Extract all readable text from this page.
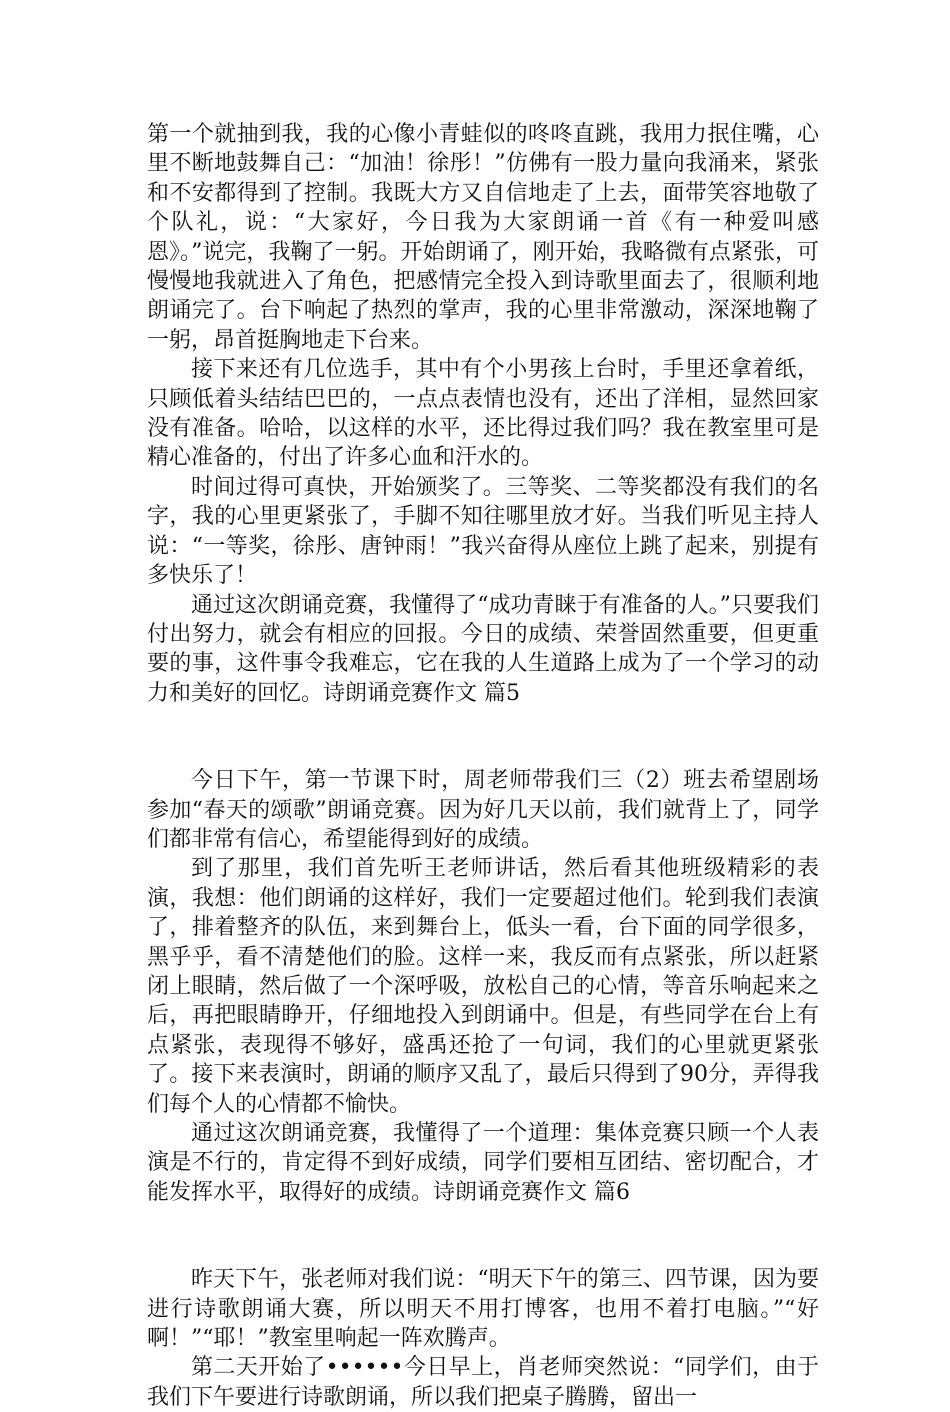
第一个就抽到我，我的心像小青蛙似的咚咚直跳，我用力抿住嘴，心里不断地鼓舞自己：“加油！徐彤！”仿佛有一股力量向我涌来，紧张和不安都得到了控制。我既大方又自信地走了上去，面带笑容地敬了个队礼，说：“大家好，今日我为大家朗诵一首《有一种爱叫感恩》。”说完，我鞠了一躬。开始朗诵了，刚开始，我略微有点紧张，可慢慢地我就进入了角色，把感情完全投入到诗歌里面去了，很顺利地朗诵完了。台下响起了热烈的掌声，我的心里非常激动，深深地鞠了一躬，昂首挺胸地走下台来。

接下来还有几位选手，其中有个小男孩上台时，手里还拿着纸，只顾低着头结结巴巴的，一点点表情也没有，还出了洋相，显然回家没有准备。哈哈，以这样的水平，还比得过我们吗？我在教室里可是精心准备的，付出了许多心血和汗水的。

时间过得可真快，开始颁奖了。三等奖、二等奖都没有我们的名字，我的心里更紧张了，手脚不知往哪里放才好。当我们听见主持人说：“一等奖，徐彤、唐钟雨！”我兴奋得从座位上跳了起来，别提有多快乐了！

通过这次朗诵竞赛，我懂得了“成功青睐于有准备的人。”只要我们付出努力，就会有相应的回报。今日的成绩、荣誉固然重要，但更重要的事，这件事令我难忘，它在我的人生道路上成为了一个学习的动力和美好的回忆。诗朗诵竞赛作文 篇5

今日下午，第一节课下时，周老师带我们三（2）班去希望剧场参加“春天的颂歌”朗诵竞赛。因为好几天以前，我们就背上了，同学们都非常有信心，希望能得到好的成绩。

到了那里，我们首先听王老师讲话，然后看其他班级精彩的表演，我想：他们朗诵的这样好，我们一定要超过他们。轮到我们表演了，排着整齐的队伍，来到舞台上，低头一看，台下面的同学很多，黑乎乎，看不清楚他们的脸。这样一来，我反而有点紧张，所以赶紧闭上眼睛，然后做了一个深呼吸，放松自己的心情，等音乐响起来之后，再把眼睛睁开，仔细地投入到朗诵中。但是，有些同学在台上有点紧张，表现得不够好，盛禹还抢了一句词，我们的心里就更紧张了。接下来表演时，朗诵的顺序又乱了，最后只得到了90分，弄得我们每个人的心情都不愉快。

通过这次朗诵竞赛，我懂得了一个道理：集体竞赛只顾一个人表演是不行的，肯定得不到好成绩，同学们要相互团结、密切配合，才能发挥水平，取得好的成绩。诗朗诵竞赛作文 篇6

昨天下午，张老师对我们说：“明天下午的第三、四节课，因为要进行诗歌朗诵大赛，所以明天不用打博客，也用不着打电脑。”“好啊！”“耶！”教室里响起一阵欢腾声。

第二天开始了••••••今日早上，肖老师突然说：“同学们，由于我们下午要进行诗歌朗诵，所以我们把桌子腾腾，留出一
